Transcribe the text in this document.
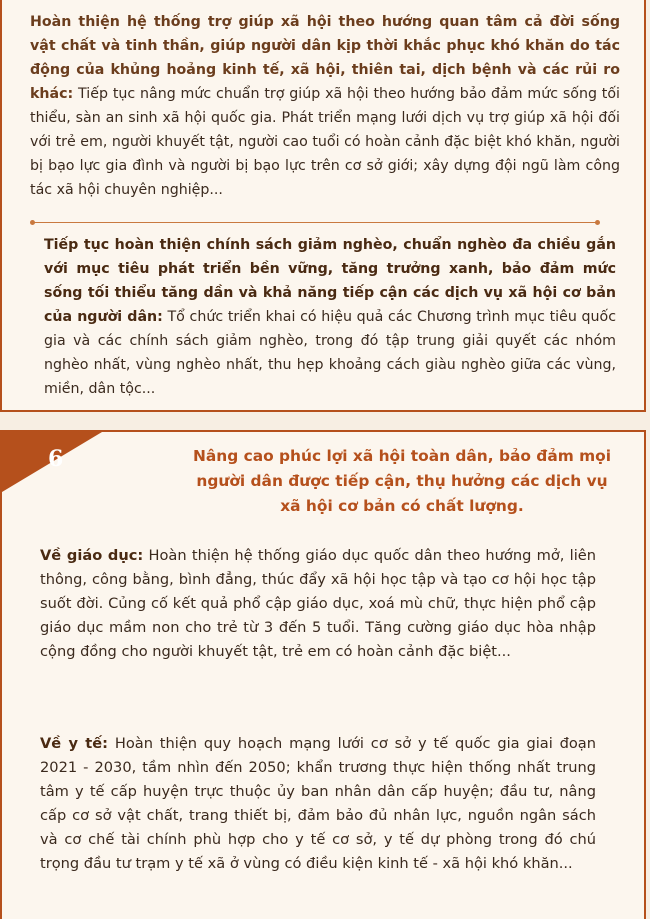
Hoàn thiện hệ thống trợ giúp xã hội theo hướng quan tâm cả đời sống vật chất và tinh thần, giúp người dân kịp thời khắc phục khó khăn do tác động của khủng hoảng kinh tế, xã hội, thiên tai, dịch bệnh và các rủi ro khác: Tiếp tục nâng mức chuẩn trợ giúp xã hội theo hướng bảo đảm mức sống tối thiểu, sàn an sinh xã hội quốc gia. Phát triển mạng lưới dịch vụ trợ giúp xã hội đối với trẻ em, người khuyết tật, người cao tuổi có hoàn cảnh đặc biệt khó khăn, người bị bạo lực gia đình và người bị bạo lực trên cơ sở giới; xây dựng đội ngũ làm công tác xã hội chuyên nghiệp...

Tiếp tục hoàn thiện chính sách giảm nghèo, chuẩn nghèo đa chiều gắn với mục tiêu phát triển bền vững, tăng trưởng xanh, bảo đảm mức sống tối thiểu tăng dần và khả năng tiếp cận các dịch vụ xã hội cơ bản của người dân: Tổ chức triển khai có hiệu quả các Chương trình mục tiêu quốc gia và các chính sách giảm nghèo, trong đó tập trung giải quyết các nhóm nghèo nhất, vùng nghèo nhất, thu hẹp khoảng cách giàu nghèo giữa các vùng, miền, dân tộc...

6	Nâng cao phúc lợi xã hội toàn dân, bảo đảm mọi người dân được tiếp cận, thụ hưởng các dịch vụ xã hội cơ bản có chất lượng.

Về giáo dục: Hoàn thiện hệ thống giáo dục quốc dân theo hướng mở, liên thông, công bằng, bình đẳng, thúc đẩy xã hội học tập và tạo cơ hội học tập suốt đời. Củng cố kết quả phổ cập giáo dục, xoá mù chữ, thực hiện phổ cập giáo dục mầm non cho trẻ từ 3 đến 5 tuổi. Tăng cường giáo dục hòa nhập cộng đồng cho người khuyết tật, trẻ em có hoàn cảnh đặc biệt...

Về y tế: Hoàn thiện quy hoạch mạng lưới cơ sở y tế quốc gia giai đoạn 2021 - 2030, tầm nhìn đến 2050; khẩn trương thực hiện thống nhất trung tâm y tế cấp huyện trực thuộc ủy ban nhân dân cấp huyện; đầu tư, nâng cấp cơ sở vật chất, trang thiết bị, đảm bảo đủ nhân lực, nguồn ngân sách và cơ chế tài chính phù hợp cho y tế cơ sở, y tế dự phòng trong đó chú trọng đầu tư trạm y tế xã ở vùng có điều kiện kinh tế - xã hội khó khăn...
